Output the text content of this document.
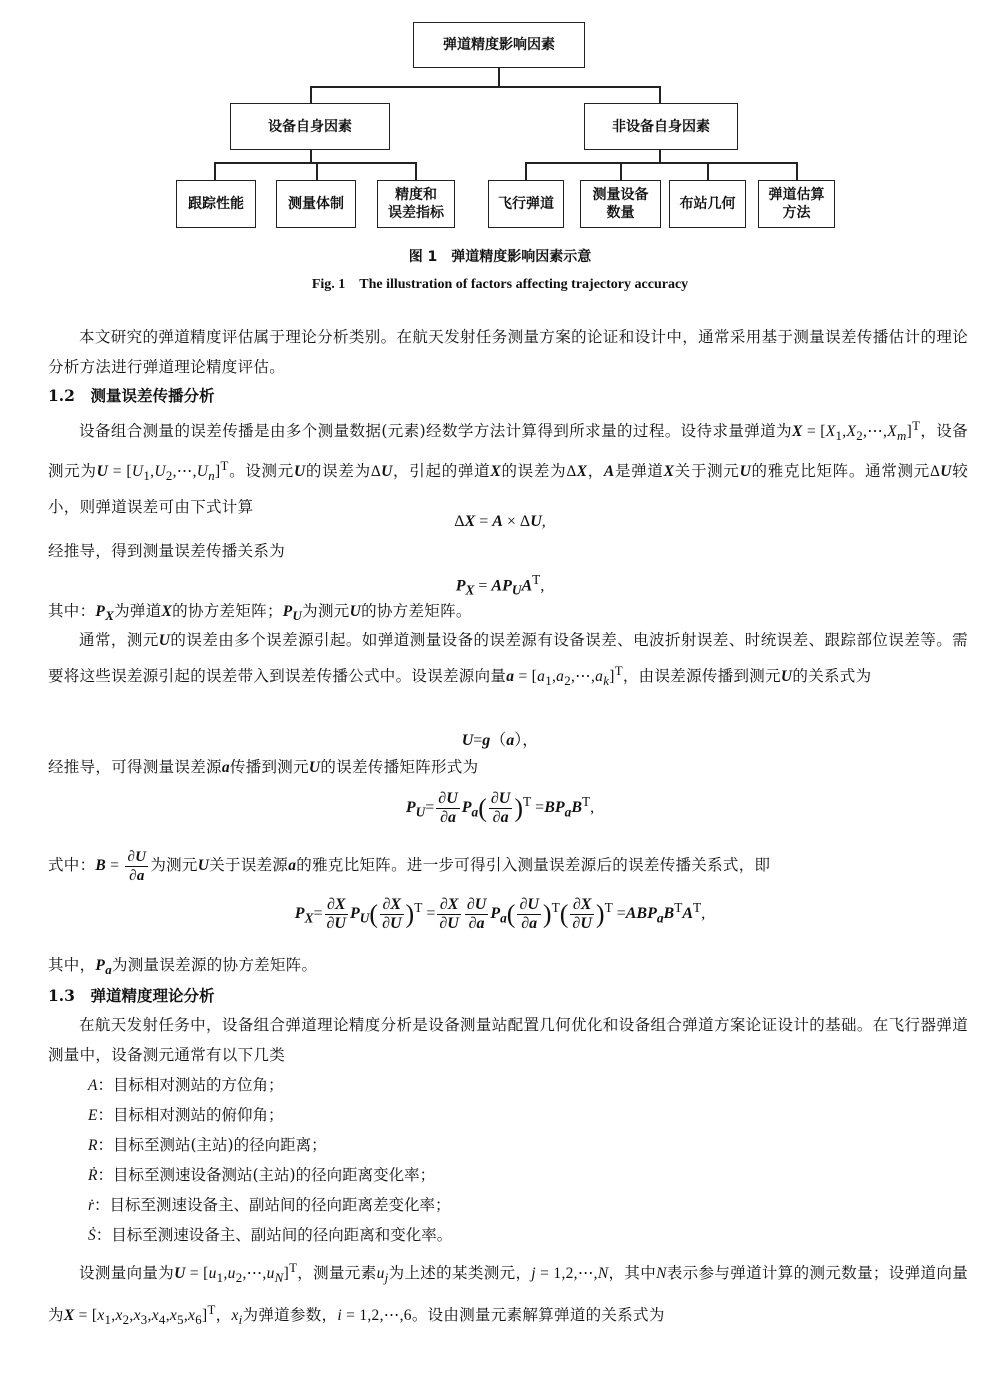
弹道精度影响因素
设备自身因素	非设备自身因素
跟踪性能	测量体制
精度和
误差指标
飞行弹道
测量设备
数量
布站几何
弹道估算
方法
图 1　弹道精度影响因素示意
Fig. 1　The illustration of factors affecting trajectory accuracy

本文研究的弹道精度评估属于理论分析类别。在航天发射任务测量方案的论证和设计中，通常采用基于测量误差传播估计的理论分析方法进行弹道理论精度评估。

1.2　测量误差传播分析

设备组合测量的误差传播是由多个测量数据(元素)经数学方法计算得到所求量的过程。设待求量弹道为$X = [X_1,X_2,\cdots,X_m]^T$，设备测元为$U = [U_1,U_2,\cdots,U_n]^T$。设测元U的误差为ΔU，引起的弹道X的误差为ΔX，A是弹道X关于测元U的雅克比矩阵。通常测元ΔU较小，则弹道误差可由下式计算

ΔX = A × ΔU,

经推导，得到测量误差传播关系为

$P_X = AP_UA^T$,

其中：$P_X$为弹道X的协方差矩阵；$P_U$为测元U的协方差矩阵。

通常，测元U的误差由多个误差源引起。如弹道测量设备的误差源有设备误差、电波折射误差、时统误差、跟踪部位误差等。需要将这些误差源引起的误差带入到误差传播公式中。设误差源向量$a = [a_1,a_2,\cdots,a_k]^T$，由误差源传播到测元U的关系式为

U=g（a），

经推导，可得测量误差源a传播到测元U的误差传播矩阵形式为

$P_U= \frac{\partial U}{\partial a} P_a( \frac{\partial U}{\partial a} )^T =BP_aB^T$,

式中：$B = \frac{\partial U}{\partial a}$ 为测元U关于误差源a的雅克比矩阵。进一步可得引入测量误差源后的误差传播关系式，即

$P_X= \frac{\partial X}{\partial U} P_U( \frac{\partial X}{\partial U} )^T = \frac{\partial X}{\partial U} \frac{\partial U}{\partial a} P_a( \frac{\partial U}{\partial a} )^T( \frac{\partial X}{\partial U} )^T =ABP_aB^TA^T$,

其中，$P_a$为测量误差源的协方差矩阵。

1.3　弹道精度理论分析

在航天发射任务中，设备组合弹道理论精度分析是设备测量站配置几何优化和设备组合弹道方案论证设计的基础。在飞行器弹道测量中，设备测元通常有以下几类

A：目标相对测站的方位角；
E：目标相对测站的俯仰角；
R：目标至测站(主站)的径向距离；
Ṙ：目标至测速设备测站(主站)的径向距离变化率；
ṙ：目标至测速设备主、副站间的径向距离差变化率；
Ṡ：目标至测速设备主、副站间的径向距离和变化率。

设测量向量为$U = [u_1,u_2,\cdots,u_N]^T$，测量元素$u_j$为上述的某类测元，j = 1,2,⋯,N，其中N表示参与弹道计算的测元数量；设弹道向量为$X = [x_1,x_2,x_3,x_4,x_5,x_6]^T$，$x_i$为弹道参数，i = 1,2,⋯,6。设由测量元素解算弹道的关系式为
